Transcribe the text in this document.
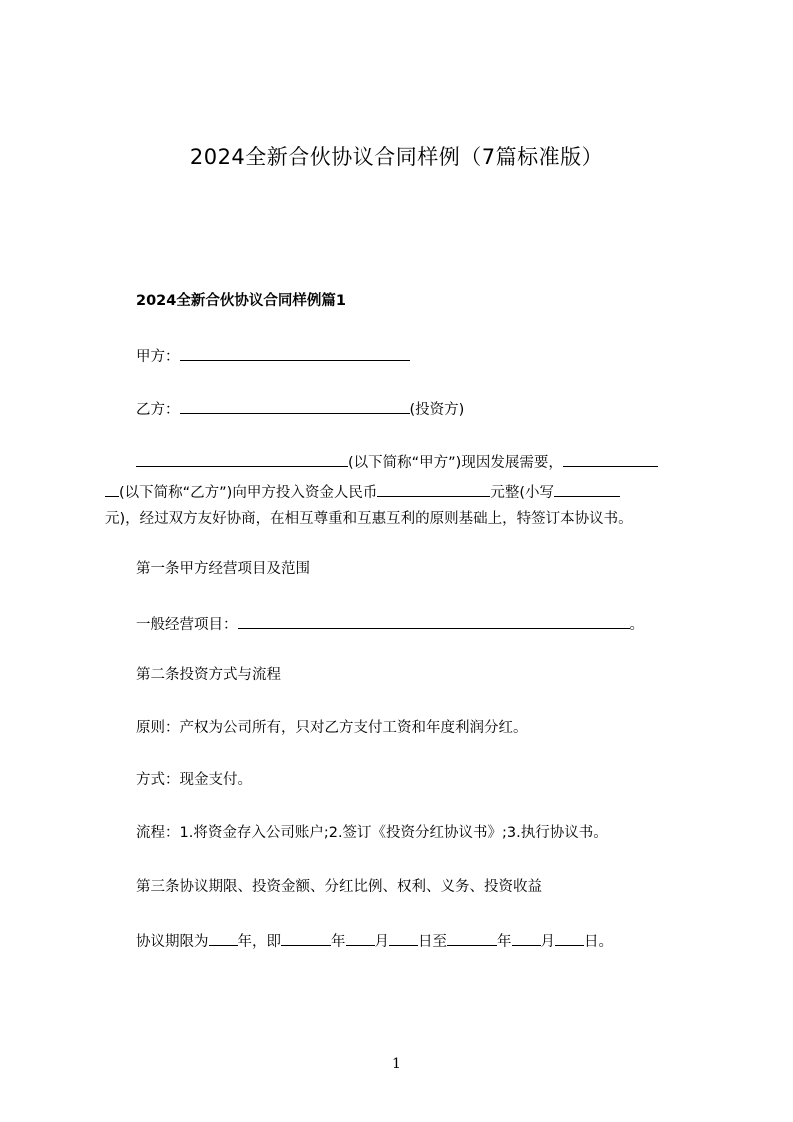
2024全新合伙协议合同样例（7篇标准版）
2024全新合伙协议合同样例篇1
甲方：
乙方：	(投资方)
(以下简称“甲方”)现因发展需要，
(以下简称“乙方”)向甲方投入资金人民币	元整(小写
元)，经过双方友好协商，在相互尊重和互惠互利的原则基础上，特签订本协议书。
第一条甲方经营项目及范围
一般经营项目：	。
第二条投资方式与流程
原则：产权为公司所有，只对乙方支付工资和年度利润分红。
方式：现金支付。
流程：1.将资金存入公司账户;2.签订《投资分红协议书》;3.执行协议书。
第三条协议期限、投资金额、分红比例、权利、义务、投资收益
协议期限为 年，即	年 月 日至	年 月 日。
1
